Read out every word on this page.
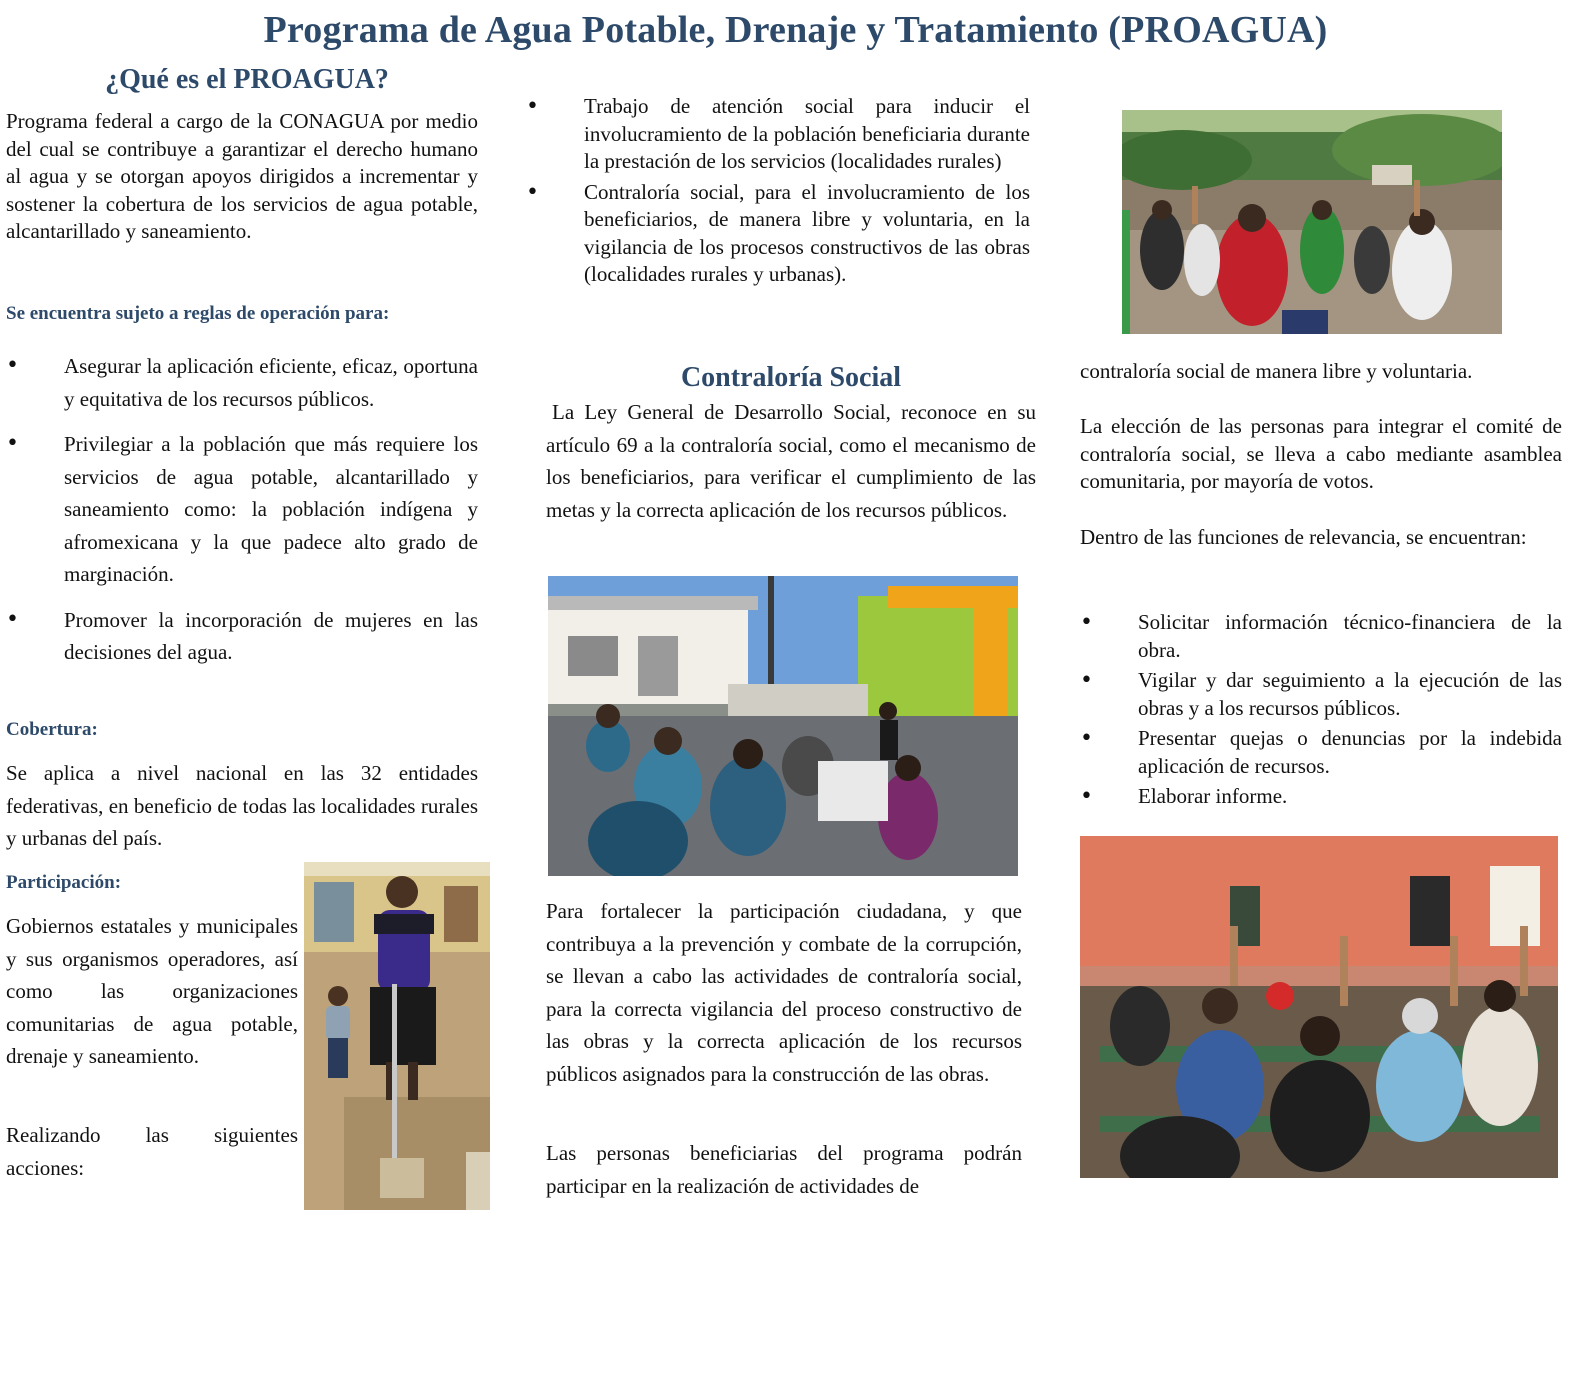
Programa de Agua Potable, Drenaje y Tratamiento (PROAGUA)
¿Qué es el PROAGUA?
Programa federal a cargo de la CONAGUA por medio del cual se contribuye a garantizar el derecho humano al agua y se otorgan apoyos dirigidos a incrementar y sostener la cobertura de los servicios de agua potable, alcantarillado y saneamiento.
Se encuentra sujeto a reglas de operación para:
• Asegurar la aplicación eficiente, eficaz, oportuna y equitativa de los recursos públicos.
• Privilegiar a la población que más requiere los servicios de agua potable, alcantarillado y saneamiento como: la población indígena y afromexicana y la que padece alto grado de marginación.
• Promover la incorporación de mujeres en las decisiones del agua.
Cobertura:
Se aplica a nivel nacional en las 32 entidades federativas, en beneficio de todas las localidades rurales y urbanas del país.
Participación:
Gobiernos estatales y municipales y sus organismos operadores, así como las organizaciones comunitarias de agua potable, drenaje y saneamiento.
Realizando las siguientes acciones:
• Trabajo de atención social para inducir el involucramiento de la población beneficiaria durante la prestación de los servicios (localidades rurales)
• Contraloría social, para el involucramiento de los beneficiarios, de manera libre y voluntaria, en la vigilancia de los procesos constructivos de las obras (localidades rurales y urbanas).
Contraloría Social
La Ley General de Desarrollo Social, reconoce en su artículo 69 a la contraloría social, como el mecanismo de los beneficiarios, para verificar el cumplimiento de las metas y la correcta aplicación de los recursos públicos.
Para fortalecer la participación ciudadana, y que contribuya a la prevención y combate de la corrupción, se llevan a cabo las actividades de contraloría social, para la correcta vigilancia del proceso constructivo de las obras y la correcta aplicación de los recursos públicos asignados para la construcción de las obras.
Las personas beneficiarias del programa podrán participar en la realización de actividades de
contraloría social de manera libre y voluntaria.
La elección de las personas para integrar el comité de contraloría social, se lleva a cabo mediante asamblea comunitaria, por mayoría de votos.
Dentro de las funciones de relevancia, se encuentran:
• Solicitar información técnico-financiera de la obra.
• Vigilar y dar seguimiento a la ejecución de las obras y a los recursos públicos.
• Presentar quejas o denuncias por la indebida aplicación de recursos.
• Elaborar informe.
